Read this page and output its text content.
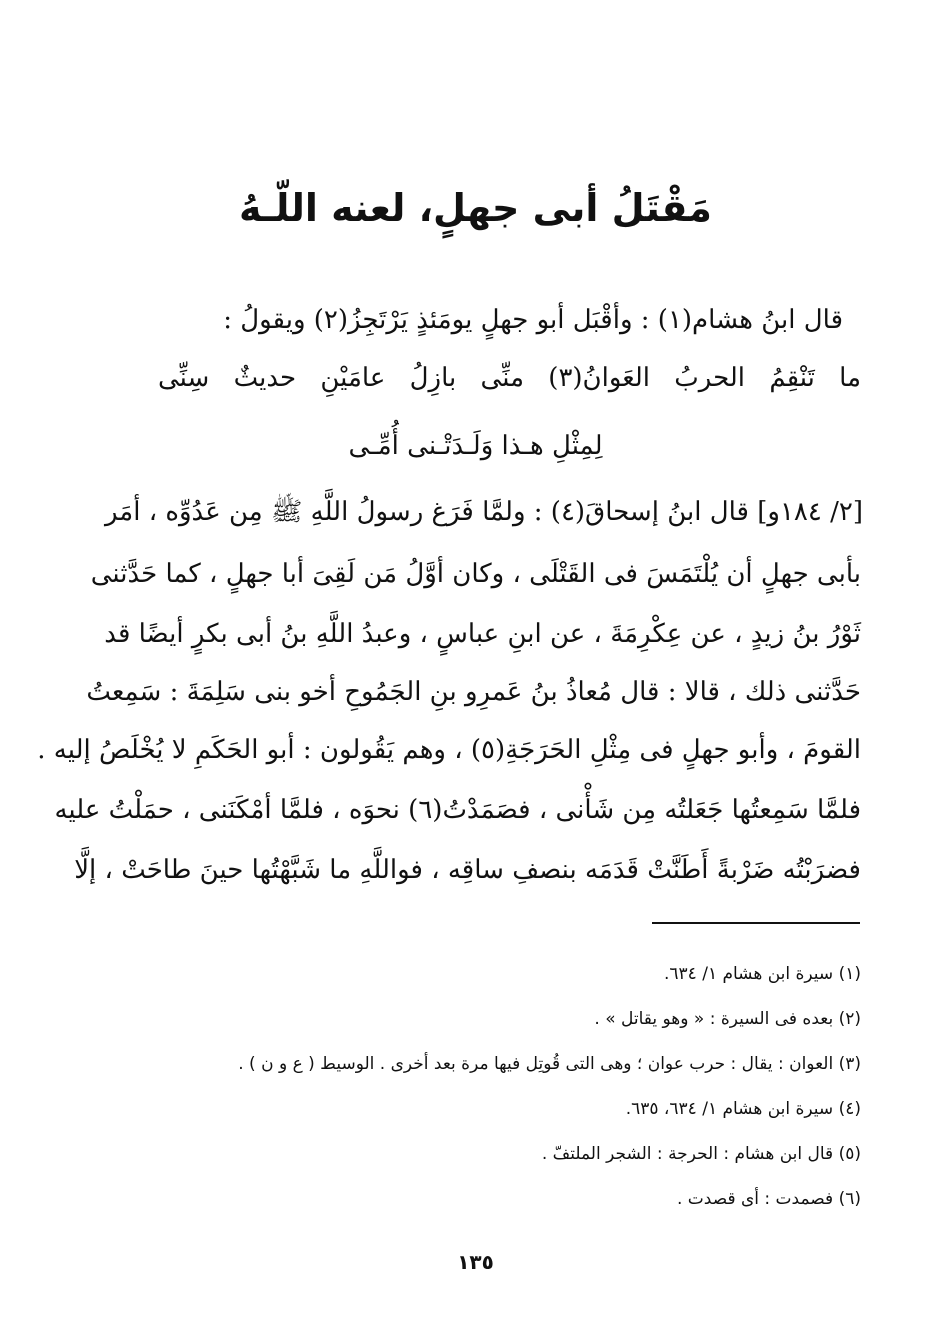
مَقْتَلُ أبى جهلٍ، لعنه اللّـهُ
قال ابنُ هشام(١) : وأقْبَل أبو جهلٍ يومَئذٍ يَرْتَجِزُ(٢) ويقولُ :
ما تَنْقِمُ الحربُ العَوانُ(٣) منِّى بازِلُ عامَيْنِ حديثٌ سِنِّى
لِمِثْلِ هـذا وَلَـدَتْـنى أُمِّـى
[٢/ ١٨٤و] قال ابنُ إسحاقَ(٤) : ولمَّا فَرَغ رسولُ اللَّهِ ﷺ مِن عَدُوِّه ، أمَر
بأبى جهلٍ أن يُلْتَمَسَ فى القَتْلَى ، وكان أوَّلُ مَن لَقِىَ أبا جهلٍ ، كما حَدَّثنى
ثَوْرُ بنُ زيدٍ ، عن عِكْرِمَةَ ، عن ابنِ عباسٍ ، وعبدُ اللَّهِ بنُ أبى بكرٍ أيضًا قد
حَدَّثنى ذلك ، قالا : قال مُعاذُ بنُ عَمرِو بنِ الجَمُوحِ أخو بنى سَلِمَةَ : سَمِعتُ
القومَ ، وأبو جهلٍ فى مِثْلِ الحَرَجَةِ(٥) ، وهم يَقُولون : أبو الحَكَمِ لا يُخْلَصُ إليه .
فلمَّا سَمِعتُها جَعَلتُه مِن شَأْنى ، فصَمَدْتُ(٦) نحوَه ، فلمَّا أمْكَنَنى ، حمَلْتُ عليه
فضرَبْتُه ضَرْبةً أَطَنَّتْ قَدَمَه بنصفِ ساقِه ، فواللَّهِ ما شَبَّهْتُها حينَ طاحَتْ ، إلَّا
(١) سيرة ابن هشام ١/ ٦٣٤.
(٢) بعده فى السيرة : « وهو يقاتل » .
(٣) العوان : يقال : حرب عوان ؛ وهى التى قُوتِل فيها مرة بعد أخرى . الوسيط ( ع و ن ) .
(٤) سيرة ابن هشام ١/ ٦٣٤، ٦٣٥.
(٥) قال ابن هشام : الحرجة : الشجر الملتفّ .
(٦) فصمدت : أى قصدت .
١٣٥
